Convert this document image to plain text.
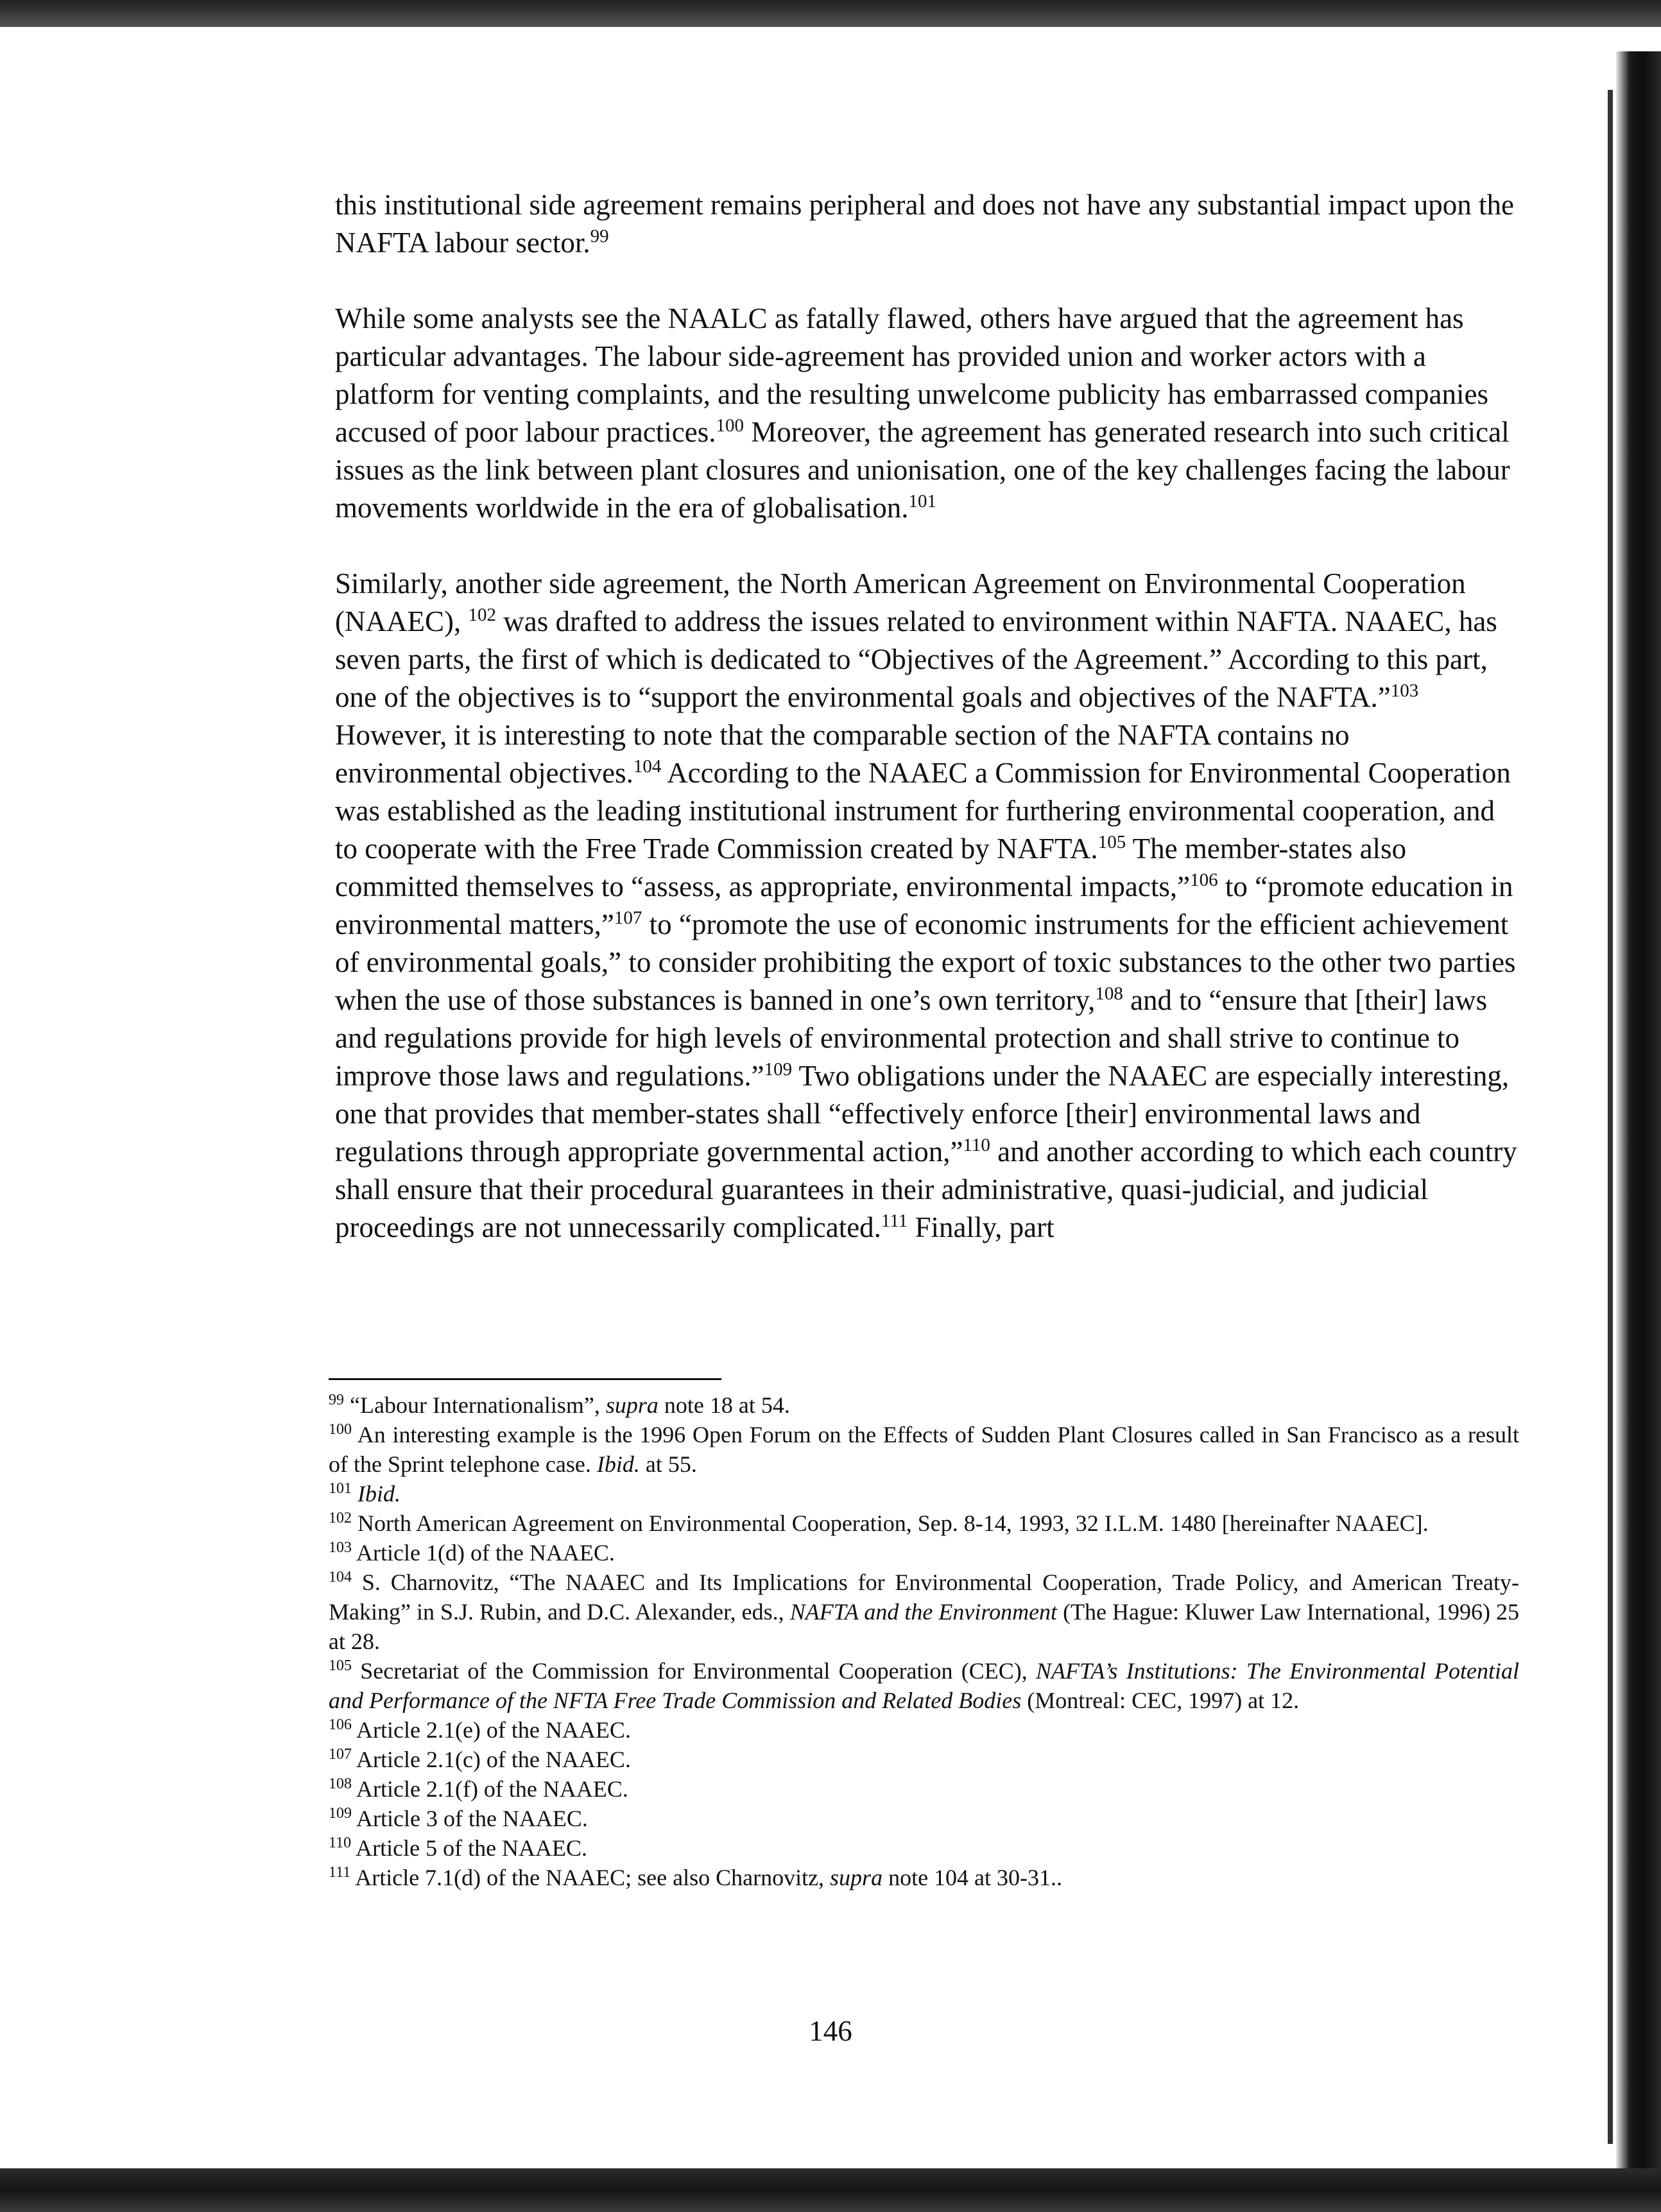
this institutional side agreement remains peripheral and does not have any substantial impact upon the NAFTA labour sector.$^{99}$

While some analysts see the NAALC as fatally flawed, others have argued that the agreement has particular advantages. The labour side-agreement has provided union and worker actors with a platform for venting complaints, and the resulting unwelcome publicity has embarrassed companies accused of poor labour practices.$^{100}$ Moreover, the agreement has generated research into such critical issues as the link between plant closures and unionisation, one of the key challenges facing the labour movements worldwide in the era of globalisation.$^{101}$

Similarly, another side agreement, the North American Agreement on Environmental Cooperation (NAAEC), $^{102}$ was drafted to address the issues related to environment within NAFTA. NAAEC, has seven parts, the first of which is dedicated to “Objectives of the Agreement.” According to this part, one of the objectives is to “support the environmental goals and objectives of the NAFTA.”$^{103}$ However, it is interesting to note that the comparable section of the NAFTA contains no environmental objectives.$^{104}$ According to the NAAEC a Commission for Environmental Cooperation was established as the leading institutional instrument for furthering environmental cooperation, and to cooperate with the Free Trade Commission created by NAFTA.$^{105}$ The member-states also committed themselves to “assess, as appropriate, environmental impacts,”$^{106}$ to “promote education in environmental matters,”$^{107}$ to “promote the use of economic instruments for the efficient achievement of environmental goals,” to consider prohibiting the export of toxic substances to the other two parties when the use of those substances is banned in one’s own territory,$^{108}$ and to “ensure that [their] laws and regulations provide for high levels of environmental protection and shall strive to continue to improve those laws and regulations.”$^{109}$ Two obligations under the NAAEC are especially interesting, one that provides that member-states shall “effectively enforce [their] environmental laws and regulations through appropriate governmental action,”$^{110}$ and another according to which each country shall ensure that their procedural guarantees in their administrative, quasi-judicial, and judicial proceedings are not unnecessarily complicated.$^{111}$ Finally, part

$^{99}$ “Labour Internationalism”, supra note 18 at 54.

$^{100}$ An interesting example is the 1996 Open Forum on the Effects of Sudden Plant Closures called in San Francisco as a result of the Sprint telephone case. Ibid. at 55.

$^{101}$ Ibid.

$^{102}$ North American Agreement on Environmental Cooperation, Sep. 8-14, 1993, 32 I.L.M. 1480 [hereinafter NAAEC].

$^{103}$ Article 1(d) of the NAAEC.

$^{104}$ S. Charnovitz, “The NAAEC and Its Implications for Environmental Cooperation, Trade Policy, and American Treaty-Making” in S.J. Rubin, and D.C. Alexander, eds., NAFTA and the Environment (The Hague: Kluwer Law International, 1996) 25 at 28.

$^{105}$ Secretariat of the Commission for Environmental Cooperation (CEC), NAFTA’s Institutions: The Environmental Potential and Performance of the NFTA Free Trade Commission and Related Bodies (Montreal: CEC, 1997) at 12.

$^{106}$ Article 2.1(e) of the NAAEC.

$^{107}$ Article 2.1(c) of the NAAEC.

$^{108}$ Article 2.1(f) of the NAAEC.

$^{109}$ Article 3 of the NAAEC.

$^{110}$ Article 5 of the NAAEC.

$^{111}$ Article 7.1(d) of the NAAEC; see also Charnovitz, supra note 104 at 30-31..

146
